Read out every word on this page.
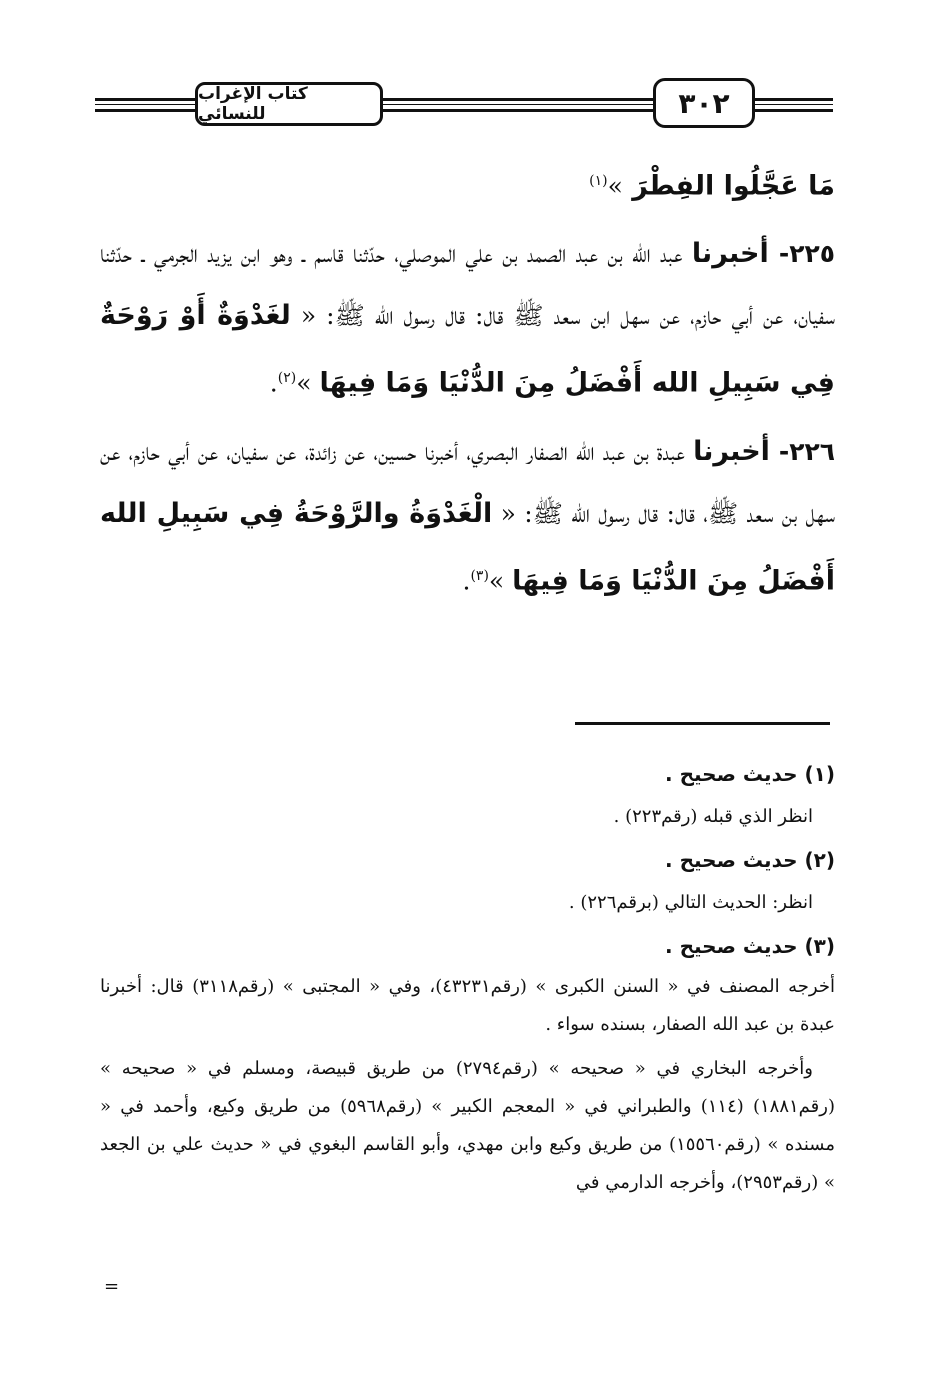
كتاب الإغراب للنسائي	٣٠٢

مَا عَجَّلُوا الفِطْرَ »$^{(١)}$

٢٢٥- أخبرنا عبد الله بن عبد الصمد بن علي الموصلي، حدّثنا قاسم ـ وهو ابن يزيد الجرمي ـ حدّثنا سفيان، عن أبي حازم، عن سهل ابن سعد ﷺ قال: قال رسول الله ﷺ: « لغَدْوَةٌ أَوْ رَوْحَةٌ فِي سَبِيلِ الله أَفْضَلُ مِنَ الدُّنْيَا وَمَا فِيهَا »$^{(٢)}$.

٢٢٦- أخبرنا عبدة بن عبد الله الصفار البصري، أخبرنا حسين، عن زائدة، عن سفيان، عن أبي حازم، عن سهل بن سعد ﷺ، قال: قال رسول الله ﷺ: « الْغَدْوَةُ والرَّوْحَةُ فِي سَبِيلِ الله أَفْضَلُ مِنَ الدُّنْيَا وَمَا فِيهَا »$^{(٣)}$.

(١) حديث صحيح .

انظر الذي قبله (رقم٢٢٣) .

(٢) حديث صحيح .

انظر: الحديث التالي (برقم٢٢٦) .

(٣) حديث صحيح .

أخرجه المصنف في « السنن الكبرى » (رقم٤٣٢٣١)، وفي « المجتبى » (رقم٣١١٨) قال: أخبرنا عبدة بن عبد الله الصفار، بسنده سواء .

وأخرجه البخاري في « صحيحه » (رقم٢٧٩٤) من طريق قبيصة، ومسلم في « صحيحه » (رقم١٨٨١) (١١٤) والطبراني في « المعجم الكبير » (رقم٥٩٦٨) من طريق وكيع، وأحمد في « مسنده » (رقم١٥٥٦٠) من طريق وكيع وابن مهدي، وأبو القاسم البغوي في « حديث علي بن الجعد » (رقم٢٩٥٣)، وأخرجه الدارمي في

=
